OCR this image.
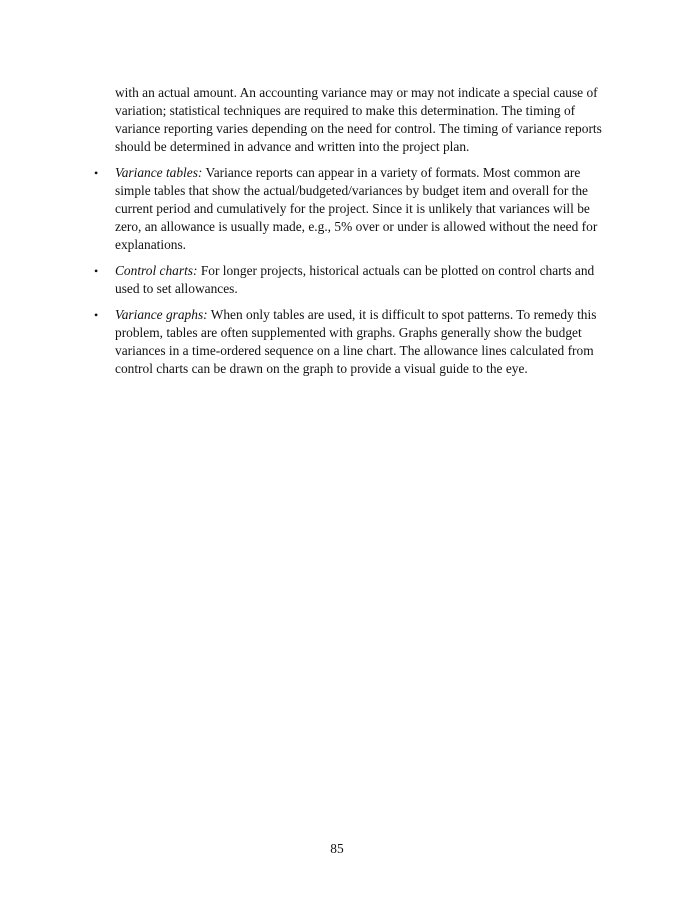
with an actual amount. An accounting variance may or may not indicate a special cause of variation; statistical techniques are required to make this determination. The timing of variance reporting varies depending on the need for control. The timing of variance reports should be determined in advance and written into the project plan.

• Variance tables: Variance reports can appear in a variety of formats. Most common are simple tables that show the actual/budgeted/variances by budget item and overall for the current period and cumulatively for the project. Since it is unlikely that variances will be zero, an allowance is usually made, e.g., 5% over or under is allowed without the need for explanations.
• Control charts: For longer projects, historical actuals can be plotted on control charts and used to set allowances.
• Variance graphs: When only tables are used, it is difficult to spot patterns. To remedy this problem, tables are often supplemented with graphs. Graphs generally show the budget variances in a time-ordered sequence on a line chart. The allowance lines calculated from control charts can be drawn on the graph to provide a visual guide to the eye.
85
